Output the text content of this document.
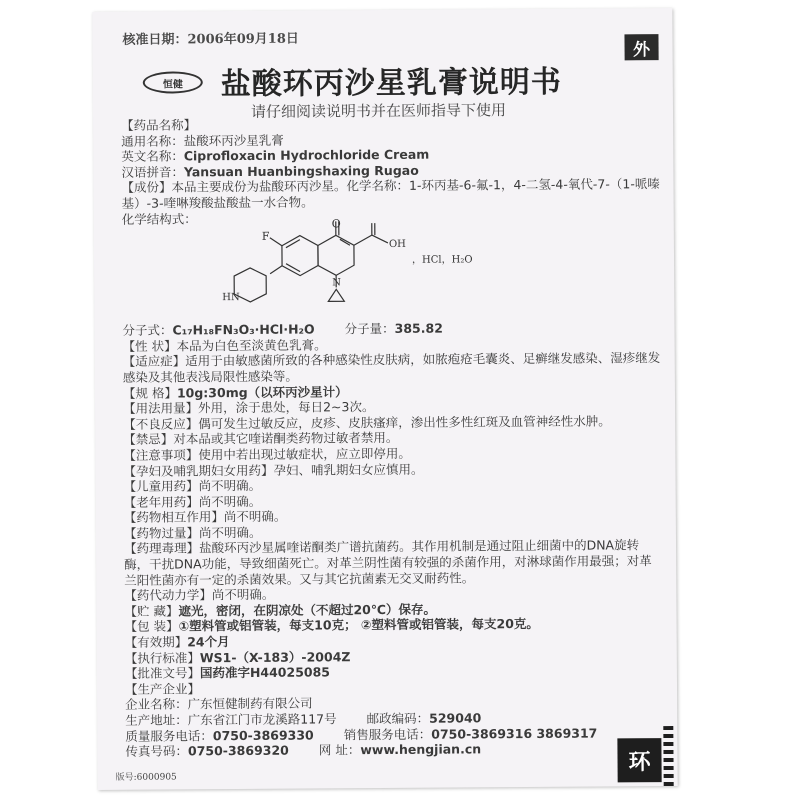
核准日期：2006年09月18日	外
恒健	盐酸环丙沙星乳膏说明书
请仔细阅读说明书并在医师指导下使用
【药品名称】
通用名称：盐酸环丙沙星乳膏
英文名称：Ciprofloxacin Hydrochloride Cream
汉语拼音：Yansuan Huanbingshaxing Rugao
【成份】本品主要成份为盐酸环丙沙星。化学名称：1-环丙基-6-氟-1，4-二氢-4-氧代-7-（1-哌嗪基）-3-喹啉羧酸盐酸盐一水合物。
化学结构式：
F
O
OH
N
HN
，HCl，H₂O
分子式：C₁₇H₁₈FN₃O₃·HCl·H₂O 分子量：385.82
【性 状】本品为白色至淡黄色乳膏。
【适应症】适用于由敏感菌所致的各种感染性皮肤病，如脓疱疮毛囊炎、足癣继发感染、湿疹继发感染及其他表浅局限性感染等。
【规 格】10g:30mg（以环丙沙星计）
【用法用量】外用，涂于患处，每日2~3次。
【不良反应】偶可发生过敏反应，皮疹、皮肤瘙痒，渗出性多性红斑及血管神经性水肿。
【禁忌】对本品或其它喹诺酮类药物过敏者禁用。
【注意事项】使用中若出现过敏症状，应立即停用。
【孕妇及哺乳期妇女用药】孕妇、哺乳期妇女应慎用。
【儿童用药】尚不明确。
【老年用药】尚不明确。
【药物相互作用】尚不明确。
【药物过量】尚不明确。
【药理毒理】盐酸环丙沙星属喹诺酮类广谱抗菌药。其作用机制是通过阻止细菌中的DNA旋转酶，干扰DNA功能，导致细菌死亡。对革兰阴性菌有较强的杀菌作用，对淋球菌作用最强；对革兰阳性菌亦有一定的杀菌效果。又与其它抗菌素无交叉耐药性。
【药代动力学】尚不明确。
【贮 藏】遮光，密闭，在阴凉处（不超过20℃）保存。
【包 装】①塑料管或铝管装，每支10克； ②塑料管或铝管装，每支20克。
【有效期】24个月
【执行标准】WS1-（X-183）-2004Z
【批准文号】国药准字H44025085
【生产企业】
企业名称：广东恒健制药有限公司
生产地址：广东省江门市龙溪路117号 邮政编码：529040
质量服务电话：0750-3869330 销售服务电话：0750-3869316 3869317
传真号码：0750-3869320 网 址：www.hengjian.cn
版号:6000905
环
